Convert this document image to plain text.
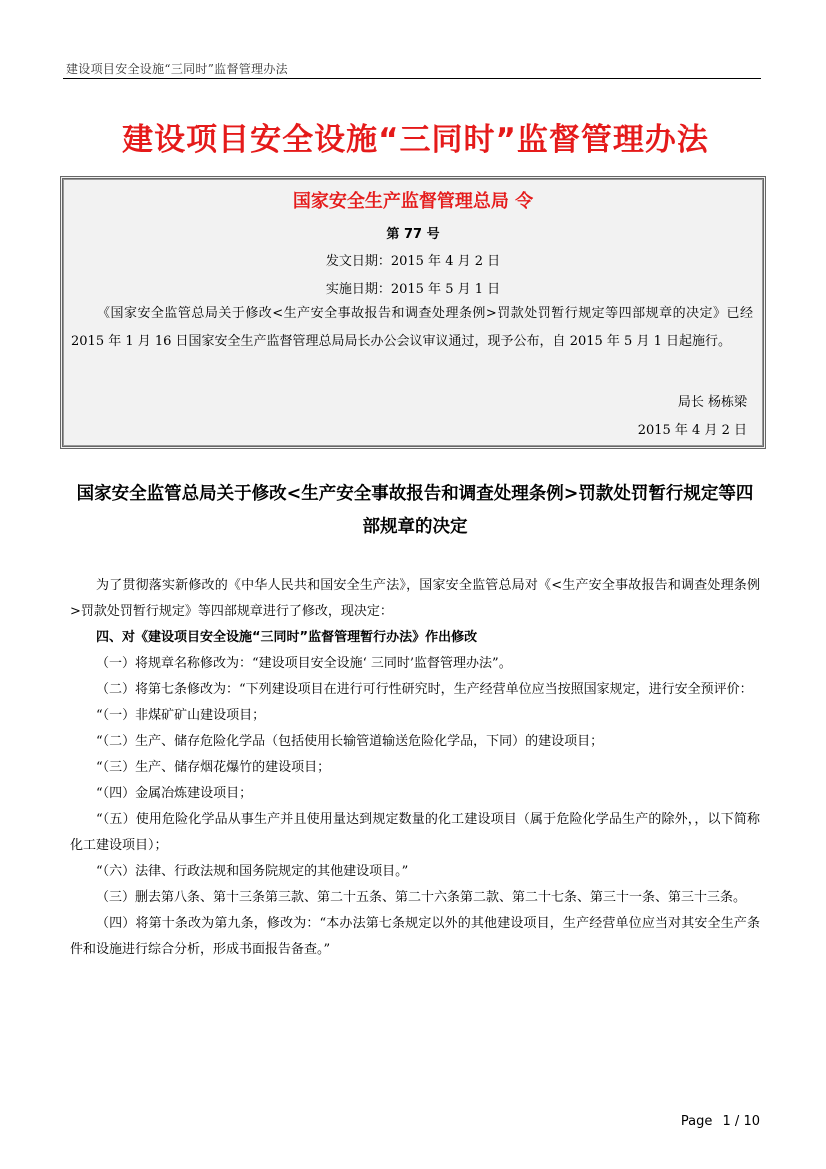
建设项目安全设施“三同时”监督管理办法
建设项目安全设施“三同时”监督管理办法
国家安全生产监督管理总局 令
第 77 号
发文日期：2015 年 4 月 2 日
实施日期：2015 年 5 月 1 日
《国家安全监管总局关于修改<生产安全事故报告和调查处理条例>罚款处罚暂行规定等四部规章的决定》已经 2015 年 1 月 16 日国家安全生产监督管理总局局长办公会议审议通过，现予公布，自 2015 年 5 月 1 日起施行。
局长 杨栋梁
2015 年 4 月 2 日
国家安全监管总局关于修改<生产安全事故报告和调查处理条例>罚款处罚暂行规定等四部规章的决定

为了贯彻落实新修改的《中华人民共和国安全生产法》，国家安全监管总局对《<生产安全事故报告和调查处理条例>罚款处罚暂行规定》等四部规章进行了修改，现决定：

四、对《建设项目安全设施“三同时”监督管理暂行办法》作出修改

（一）将规章名称修改为：“建设项目安全设施‘ 三同时’监督管理办法”。

（二）将第七条修改为：“下列建设项目在进行可行性研究时，生产经营单位应当按照国家规定，进行安全预评价：

“（一）非煤矿矿山建设项目；

“（二）生产、储存危险化学品（包括使用长输管道输送危险化学品，下同）的建设项目；

“（三）生产、储存烟花爆竹的建设项目；

“（四）金属冶炼建设项目；

“（五）使用危险化学品从事生产并且使用量达到规定数量的化工建设项目（属于危险化学品生产的除外，，以下简称化工建设项目）；

“（六）法律、行政法规和国务院规定的其他建设项目。”

（三）删去第八条、第十三条第三款、第二十五条、第二十六条第二款、第二十七条、第三十一条、第三十三条。

（四）将第十条改为第九条，修改为：“本办法第七条规定以外的其他建设项目，生产经营单位应当对其安全生产条件和设施进行综合分析，形成书面报告备查。”

Page 1 / 10
